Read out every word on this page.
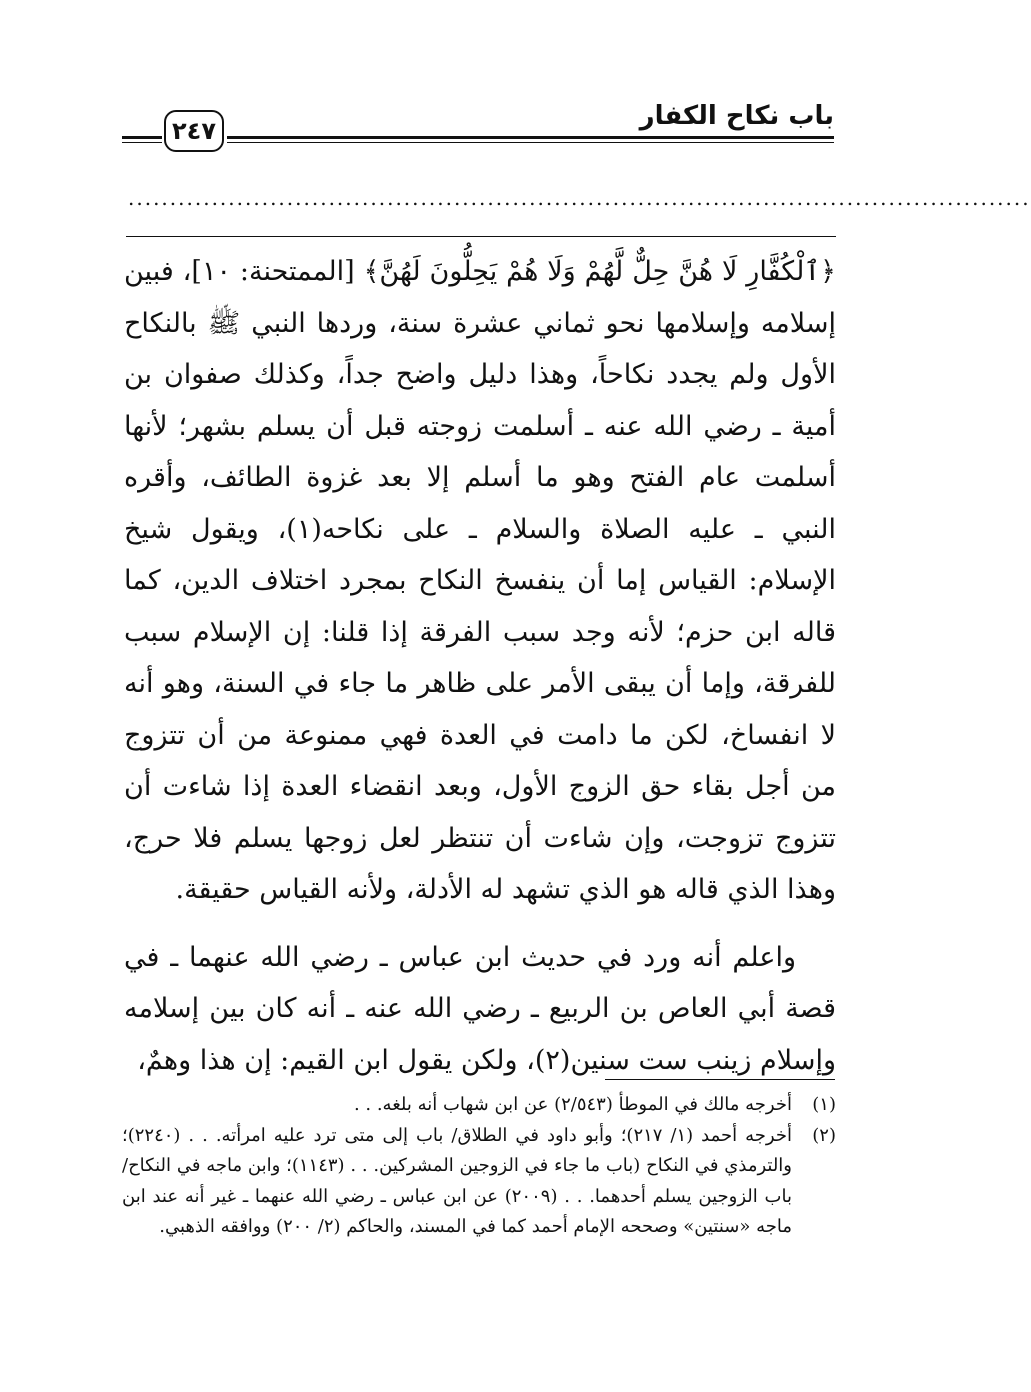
باب نكاح الكفار
٢٤٧
............................................................................................................

﴿ٱلْكُفَّارِ لَا هُنَّ حِلٌّ لَّهُمْ وَلَا هُمْ يَحِلُّونَ لَهُنَّ﴾ [الممتحنة: ١٠]، فبين إسلامه وإسلامها نحو ثماني عشرة سنة، وردها النبي ﷺ بالنكاح الأول ولم يجدد نكاحاً، وهذا دليل واضح جداً، وكذلك صفوان بن أمية ـ رضي الله عنه ـ أسلمت زوجته قبل أن يسلم بشهر؛ لأنها أسلمت عام الفتح وهو ما أسلم إلا بعد غزوة الطائف، وأقره النبي ـ عليه الصلاة والسلام ـ على نكاحه(١)، ويقول شيخ الإسلام: القياس إما أن ينفسخ النكاح بمجرد اختلاف الدين، كما قاله ابن حزم؛ لأنه وجد سبب الفرقة إذا قلنا: إن الإسلام سبب للفرقة، وإما أن يبقى الأمر على ظاهر ما جاء في السنة، وهو أنه لا انفساخ، لكن ما دامت في العدة فهي ممنوعة من أن تتزوج من أجل بقاء حق الزوج الأول، وبعد انقضاء العدة إذا شاءت أن تتزوج تزوجت، وإن شاءت أن تنتظر لعل زوجها يسلم فلا حرج، وهذا الذي قاله هو الذي تشهد له الأدلة، ولأنه القياس حقيقة.

واعلم أنه ورد في حديث ابن عباس ـ رضي الله عنهما ـ في قصة أبي العاص بن الربيع ـ رضي الله عنه ـ أنه كان بين إسلامه وإسلام زينب ست سنين(٢)، ولكن يقول ابن القيم: إن هذا وهمٌ،

(١)
أخرجه مالك في الموطأ (٢/٥٤٣) عن ابن شهاب أنه بلغه. . .
(٢)
أخرجه أحمد (١/ ٢١٧)؛ وأبو داود في الطلاق/ باب إلى متى ترد عليه امرأته. . . (٢٢٤٠)؛ والترمذي في النكاح (باب ما جاء في الزوجين المشركين. . . (١١٤٣)؛ وابن ماجه في النكاح/ باب الزوجين يسلم أحدهما. . . (٢٠٠٩) عن ابن عباس ـ رضي الله عنهما ـ غير أنه عند ابن ماجه «سنتين» وصححه الإمام أحمد كما في المسند، والحاكم (٢/ ٢٠٠) ووافقه الذهبي.
